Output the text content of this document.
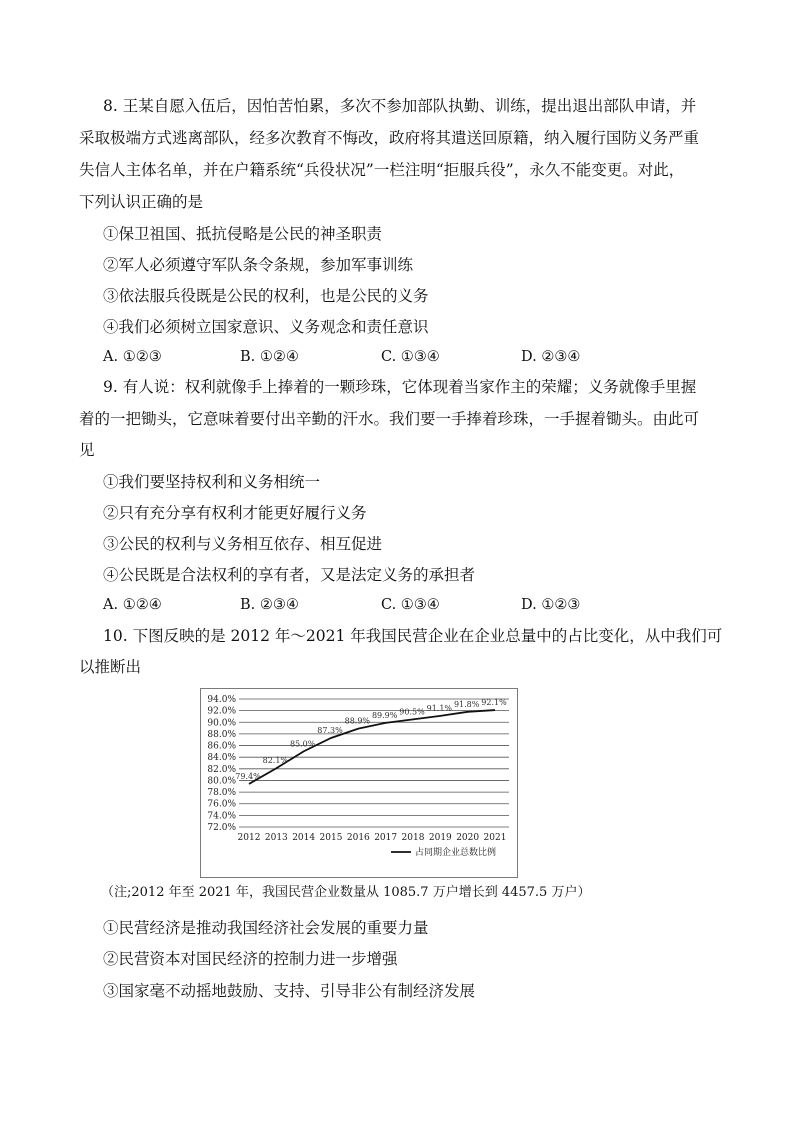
8. 王某自愿入伍后，因怕苦怕累，多次不参加部队执勤、训练，提出退出部队申请，并
采取极端方式逃离部队，经多次教育不悔改，政府将其遣送回原籍，纳入履行国防义务严重
失信人主体名单，并在户籍系统“兵役状况”一栏注明“拒服兵役”，永久不能变更。对此，
下列认识正确的是
①保卫祖国、抵抗侵略是公民的神圣职责
②军人必须遵守军队条令条规，参加军事训练
③依法服兵役既是公民的权利，也是公民的义务
④我们必须树立国家意识、义务观念和责任意识
A. ①②③	B. ①②④	C. ①③④	D. ②③④
9. 有人说：权利就像手上捧着的一颗珍珠，它体现着当家作主的荣耀；义务就像手里握
着的一把锄头，它意味着要付出辛勤的汗水。我们要一手捧着珍珠，一手握着锄头。由此可
见
①我们要坚持权利和义务相统一
②只有充分享有权利才能更好履行义务
③公民的权利与义务相互依存、相互促进
④公民既是合法权利的享有者，又是法定义务的承担者
A. ①②④	B. ②③④	C. ①③④	D. ①②③
10. 下图反映的是 2012 年～2021 年我国民营企业在企业总量中的占比变化，从中我们可
以推断出
72.0%
74.0%
76.0%
78.0%
80.0%
82.0%
84.0%
86.0%
88.0%
90.0%
92.0%
94.0%
2012 2013 2014 2015 2016 2017 2018 2019 2020 2021
79.4%
82.1%
85.0%
87.3%
88.9%
89.9% 90.5% 91.1% 91.8% 92.1%
占同期企业总数比例
（注;2012 年至 2021 年，我国民营企业数量从 1085.7 万户增长到 4457.5 万户）
①民营经济是推动我国经济社会发展的重要力量
②民营资本对国民经济的控制力进一步增强
③国家毫不动摇地鼓励、支持、引导非公有制经济发展
